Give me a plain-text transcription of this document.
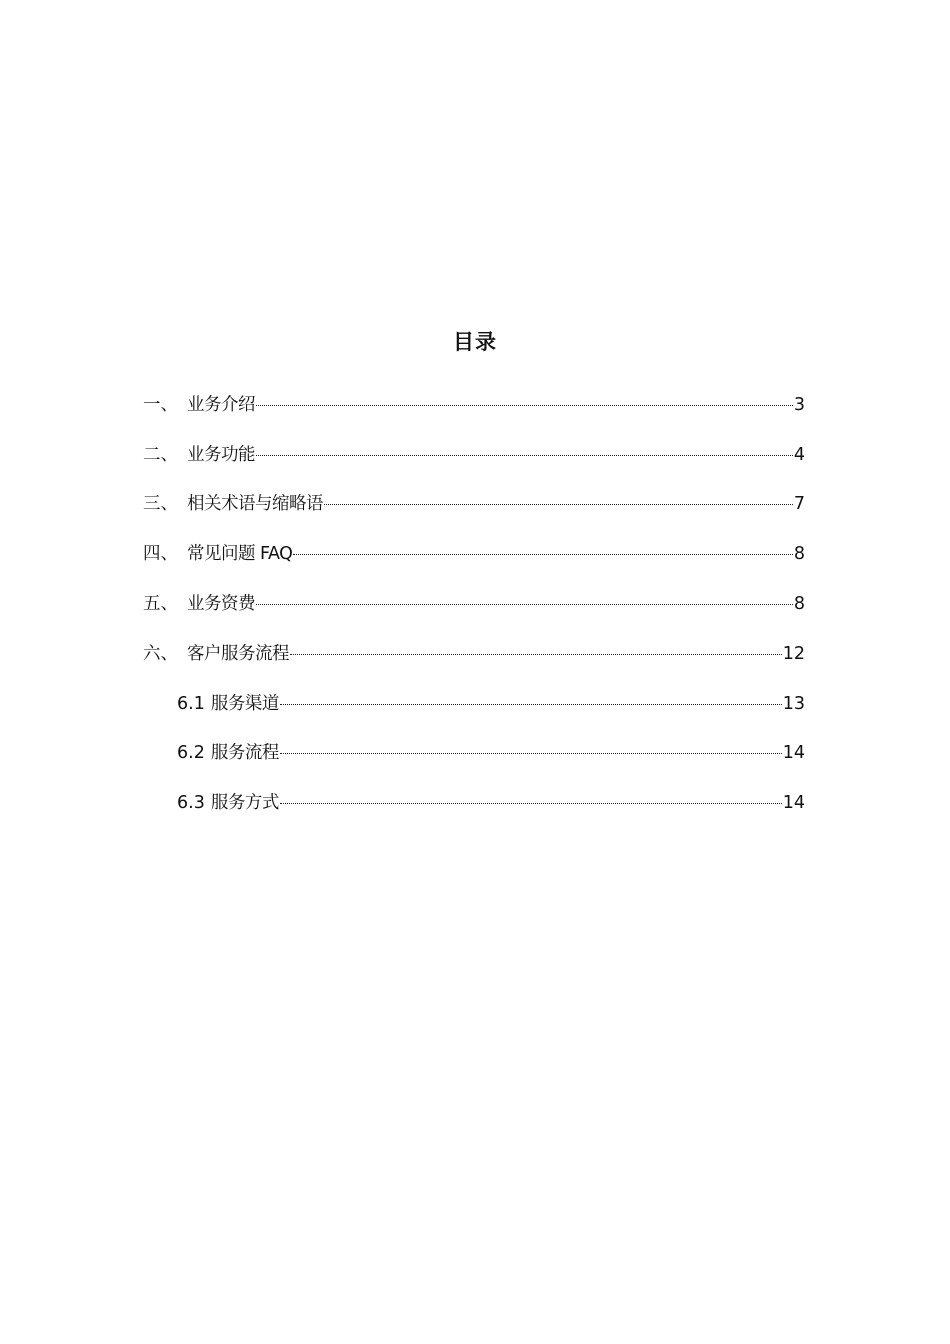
目录
一、 业务介绍	3
二、 业务功能	4
三、 相关术语与缩略语	7
四、 常见问题 FAQ	8
五、 业务资费	8
六、 客户服务流程	12
6.1 服务渠道	13
6.2 服务流程	14
6.3 服务方式	14
